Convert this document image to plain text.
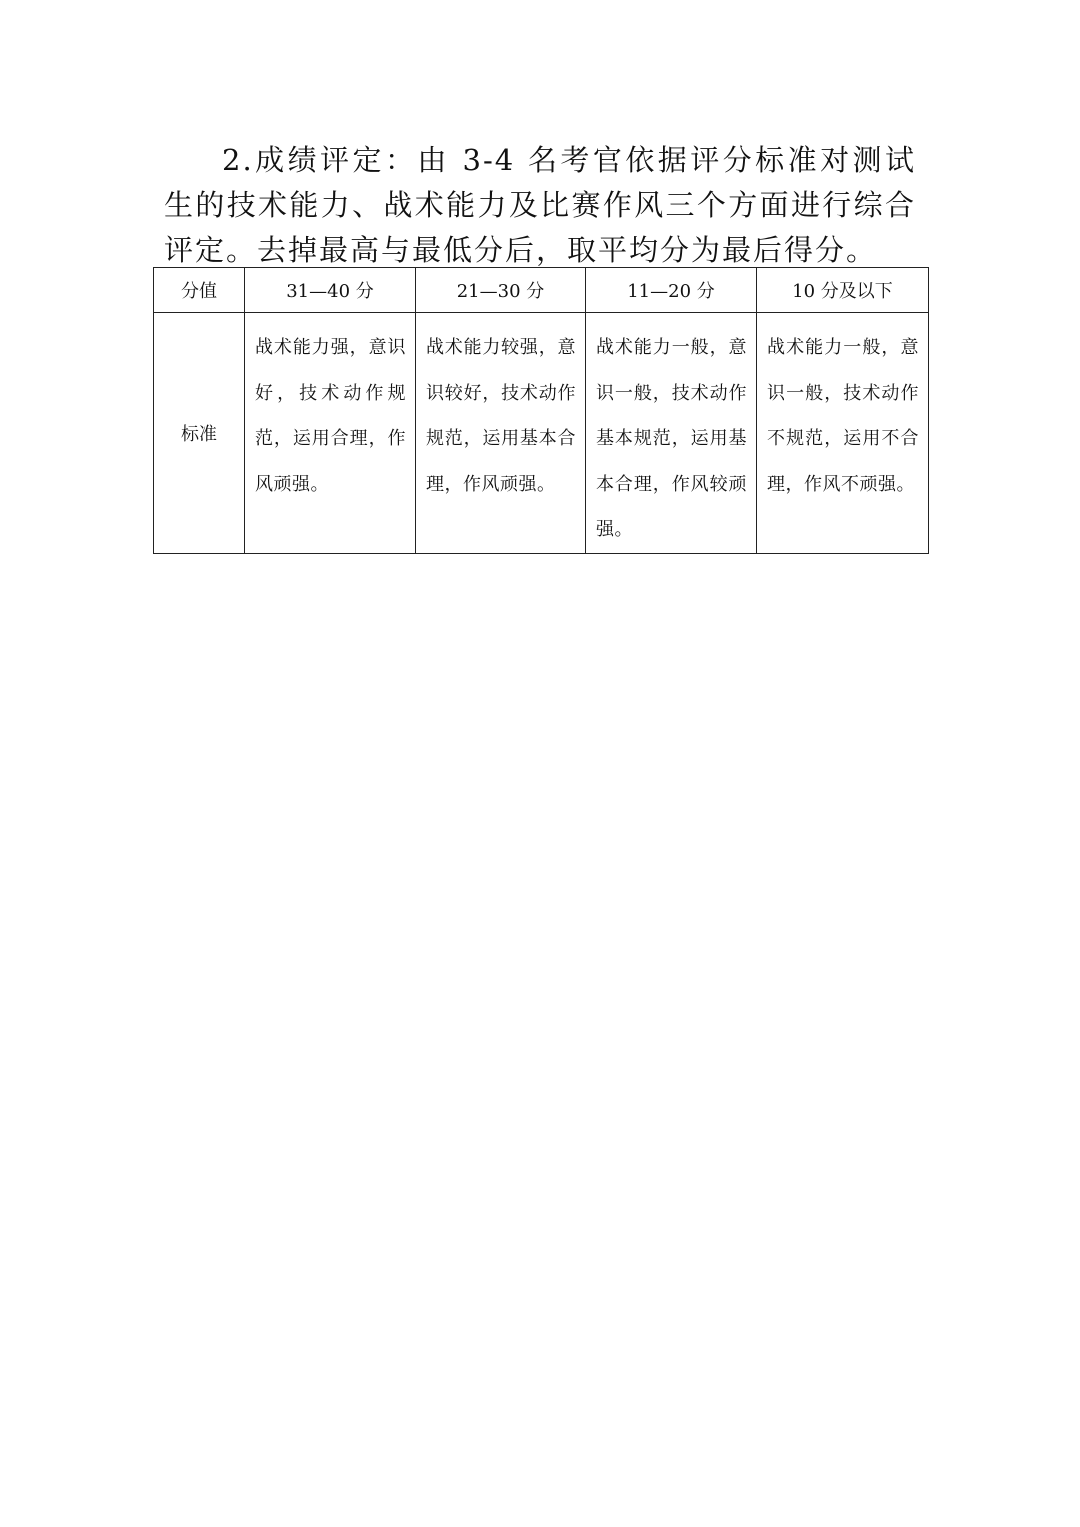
2.成绩评定：由 3-4 名考官依据评分标准对测试生的技术能力、战术能力及比赛作风三个方面进行综合评定。去掉最高与最低分后，取平均分为最后得分。

分值	31—40 分	21—30 分	11—20 分	10 分及以下
标准	战术能力强，意识好，技术动作规范，运用合理，作风顽强。	战术能力较强，意识较好，技术动作规范，运用基本合理，作风顽强。	战术能力一般，意识一般，技术动作基本规范，运用基本合理，作风较顽强。	战术能力一般，意识一般，技术动作不规范，运用不合理，作风不顽强。
